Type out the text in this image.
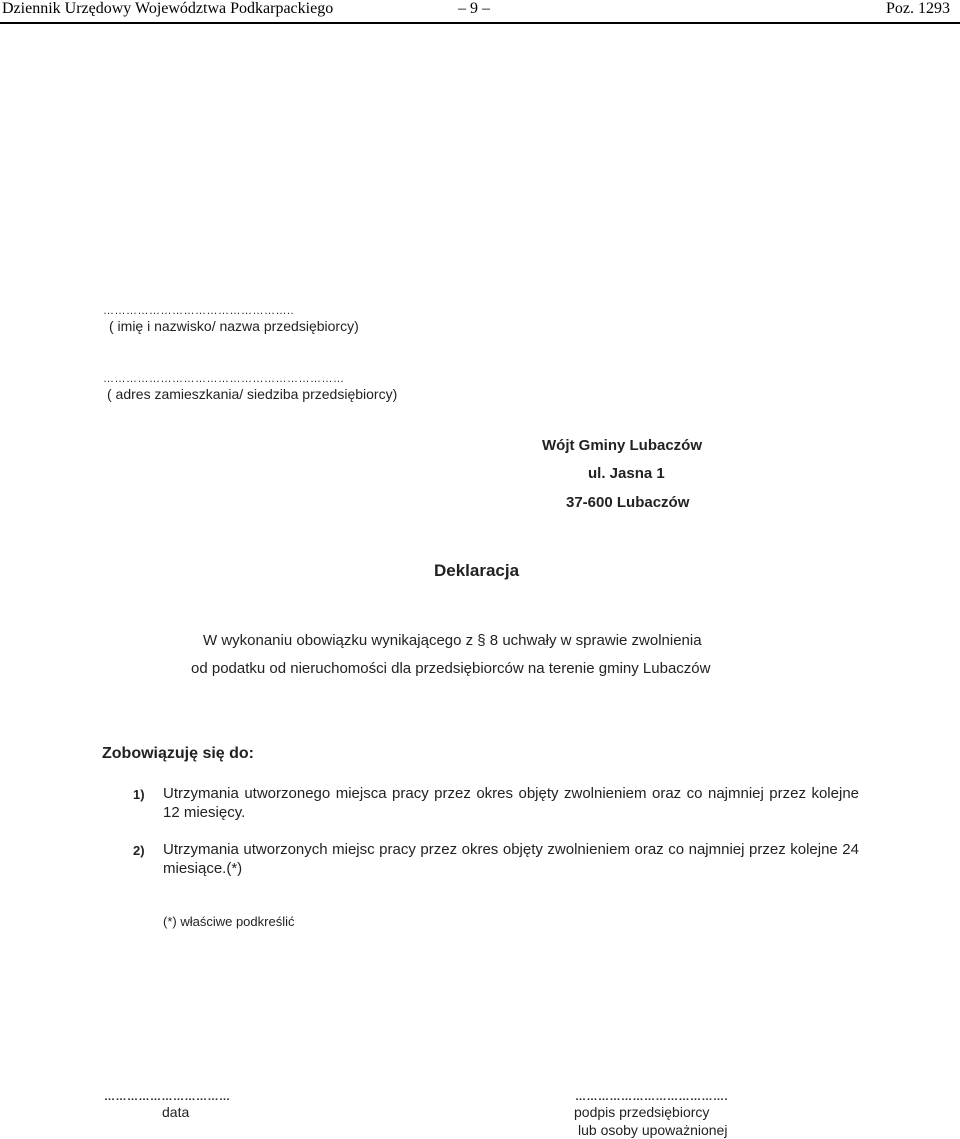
Dziennik Urzędowy Województwa Podkarpackiego	– 9 –	Poz. 1293
…………………………………………..
( imię i nazwisko/ nazwa przedsiębiorcy)
………………………………………………………
( adres zamieszkania/ siedziba przedsiębiorcy)
Wójt Gminy Lubaczów
ul. Jasna 1
37-600 Lubaczów
Deklaracja
W wykonaniu obowiązku wynikającego z § 8 uchwały w sprawie zwolnienia
od podatku od nieruchomości dla przedsiębiorców na terenie gminy Lubaczów
Zobowiązuję się do:
1) Utrzymania utworzonego miejsca pracy przez okres objęty zwolnieniem oraz co najmniej przez kolejne 12 miesięcy.
2) Utrzymania utworzonych miejsc pracy przez okres objęty zwolnieniem oraz co najmniej przez kolejne 24 miesiące.(*)
(*) właściwe podkreślić
……………………………
data
………………………………….
podpis przedsiębiorcy
lub osoby upoważnionej
